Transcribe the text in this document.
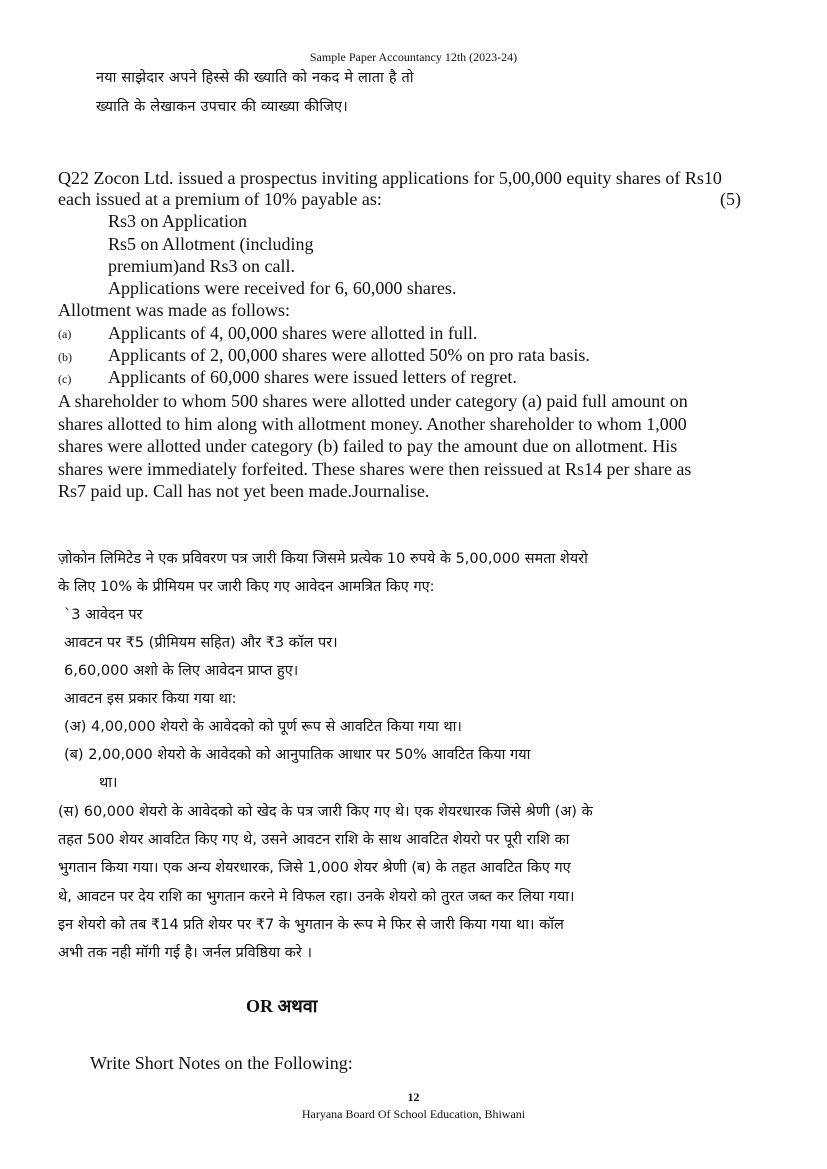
Sample Paper Accountancy 12th (2023-24)
नया साझेदार अपने हिस्से की ख्याति को नकद मे लाता है तो
ख्याति के लेखाकन उपचार की व्याख्या कीजिए।
Q22 Zocon Ltd. issued a prospectus inviting applications for 5,00,000 equity shares of Rs10
each issued at a premium of 10% payable as:	(5)
Rs3 on Application
Rs5 on Allotment (including
premium)and Rs3 on call.
Applications were received for 6, 60,000 shares.
Allotment was made as follows:
(a) Applicants of 4, 00,000 shares were allotted in full.
(b) Applicants of 2, 00,000 shares were allotted 50% on pro rata basis.
(c) Applicants of 60,000 shares were issued letters of regret.
A shareholder to whom 500 shares were allotted under category (a) paid full amount on
shares allotted to him along with allotment money. Another shareholder to whom 1,000
shares were allotted under category (b) failed to pay the amount due on allotment. His
shares were immediately forfeited. These shares were then reissued at Rs14 per share as
Rs7 paid up. Call has not yet been made.Journalise.
ज़ोकोन लिमिटेड ने एक प्रविवरण पत्र जारी किया जिसमे प्रत्येक 10 रुपये के 5,00,000 समता शेयरो
के लिए 10% के प्रीमियम पर जारी किए गए आवेदन आमत्रित किए गए:
`3 आवेदन पर
आवटन पर ₹5 (प्रीमियम सहित) और ₹3 कॉल पर।
6,60,000 अशो के लिए आवेदन प्राप्त हुए।
आवटन इस प्रकार किया गया था:
(अ) 4,00,000 शेयरो के आवेदको को पूर्ण रूप से आवटित किया गया था।
(ब) 2,00,000 शेयरो के आवेदको को आनुपातिक आधार पर 50% आवटित किया गया
था।
(स) 60,000 शेयरो के आवेदको को खेद के पत्र जारी किए गए थे। एक शेयरधारक जिसे श्रेणी (अ) के
तहत 500 शेयर आवटित किए गए थे, उसने आवटन राशि के साथ आवटित शेयरो पर पूरी राशि का
भुगतान किया गया। एक अन्य शेयरधारक, जिसे 1,000 शेयर श्रेणी (ब) के तहत आवटित किए गए
थे, आवटन पर देय राशि का भुगतान करने मे विफल रहा। उनके शेयरो को तुरत जब्त कर लिया गया।
इन शेयरो को तब ₹14 प्रति शेयर पर ₹7 के भुगतान के रूप मे फिर से जारी किया गया था। कॉल
अभी तक नही मॉगी गई है। जर्नल प्रविष्ठिया करे ।
OR अथवा
Write Short Notes on the Following:
12
Haryana Board Of School Education, Bhiwani
